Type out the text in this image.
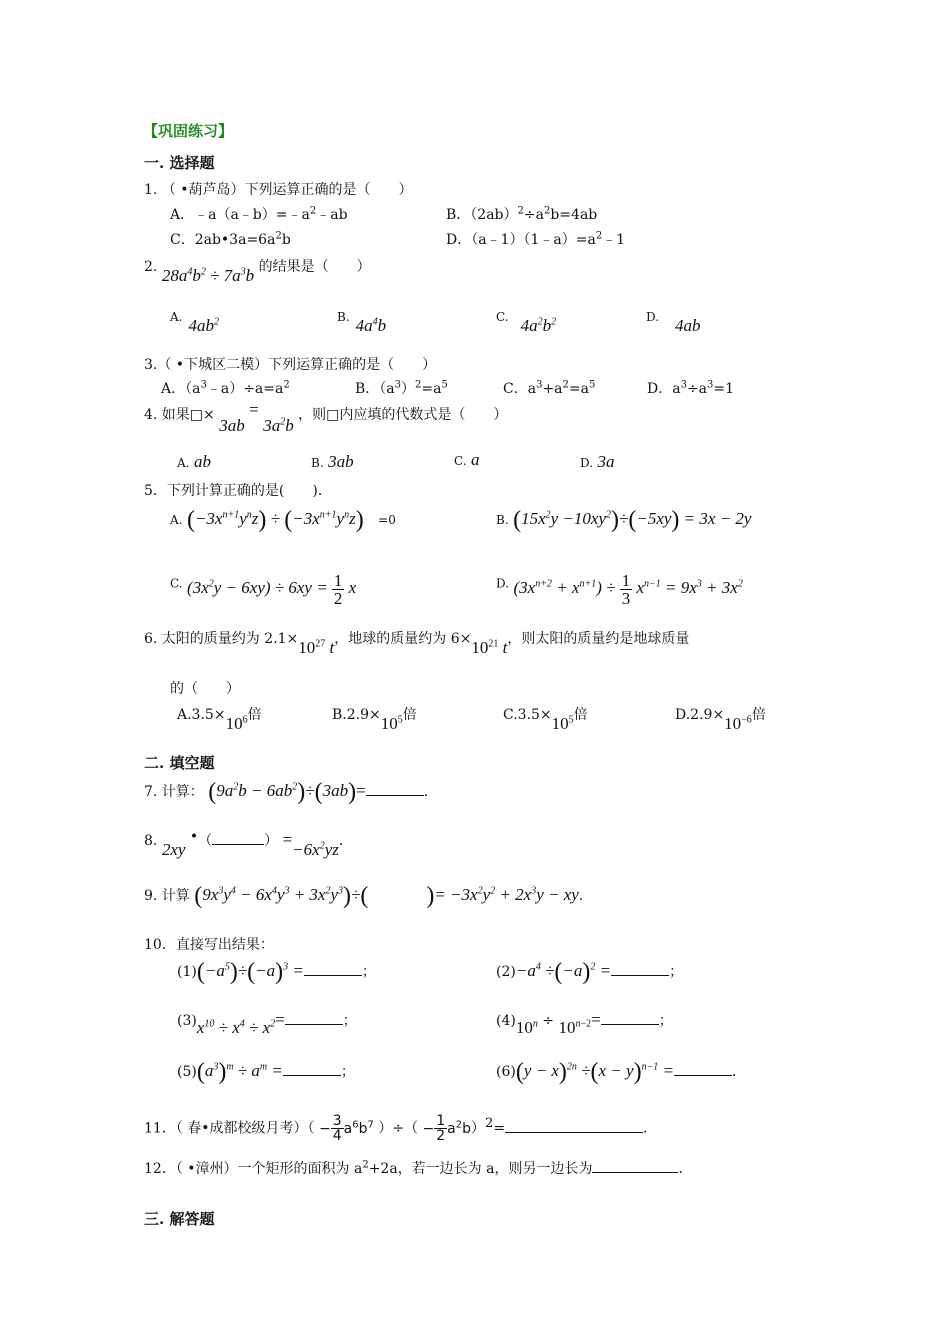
【巩固练习】
一. 选择题
1. （ •葫芦岛）下列运算正确的是（　　）
A．$﹣a(a﹣b)=﹣a^2﹣ab$	B．$(2ab)^2\div a^2b=4ab$
C．$2ab•3a=6a^2b$	D．$(a﹣1)(1﹣a)=a^2﹣1$
2. $28a^4b^2 \div 7a^3b$ 的结果是（　　）
A. $4ab^2$	B. $4a^4b$	C. $4a^2b^2$	D. 4ab
3.（ •下城区二模）下列运算正确的是（　　）
A．$(a^3﹣a)\div a=a^2$	B．$(a^3)^2=a^5$	C．$a^3+a^2=a^5$	D．$a^3\div a^3=1$
4. 如果□× $3ab = 3a^2b$ ，则□内应填的代数式是（　　）
A. ab	B. 3ab	C. a	D. 3a
5．下列计算正确的是(　　)．
A. $(-3x^{n+1}y^nz) \div (-3x^{n+1}y^nz) =0$	B. $(15x^2y -10xy^2)\div(-5xy) = 3x - 2y$
C. $(3x^2y - 6xy) \div 6xy = \frac{1}{2}$ x	D. $(3x^{n+2} + x^{n+1}) \div \frac{1}{3} x^{n-1} = 9x^3 + 3x^2$
6. 太阳的质量约为 $2.1\times 10^{27}$ t，地球的质量约为 $6\times 10^{21}$ t，则太阳的质量约是地球质量
的（　　）
$A.3.5\times 10^6$倍	$B.2.9\times 10^5$倍	$C.3.5\times 10^5$倍	$D.2.9\times 10^{-6}$倍
二. 填空题
7. 计算： $(9a^2b - 6ab^2)\div(3ab)=$	．
8. 2xy •（	） $=-6x^2yz$．
9. 计算 $(9x^3y^4 - 6x^4y^3 + 3x^2y^3)\div$( )= $-3x^2y^2 + 2x^3y$ − xy．
10．直接写出结果：
$(1)(-a^5)\div(-a)^3$ =	；	$(2)-a^4 \div(-a)^2$ =	；
$(3)x^{10} \div x^4 \div x^2=$	；	$(4)10^n \div 10^{n-2}=$	；
$(5)(a^3)^m \div a^m$ =	；	$(6)(y - x)^{2n} \div(x - y)^{n-1}$ =	．
11．（ 春•成都校级月考）（ − $\frac{3}{4} a^6b^7$ ）÷（ − $\frac{1}{2} a^2b)^2=$	．
12．（ •漳州）一个矩形的面积为 $a^2+2a$，若一边长为 a，则另一边长为	．
三. 解答题
